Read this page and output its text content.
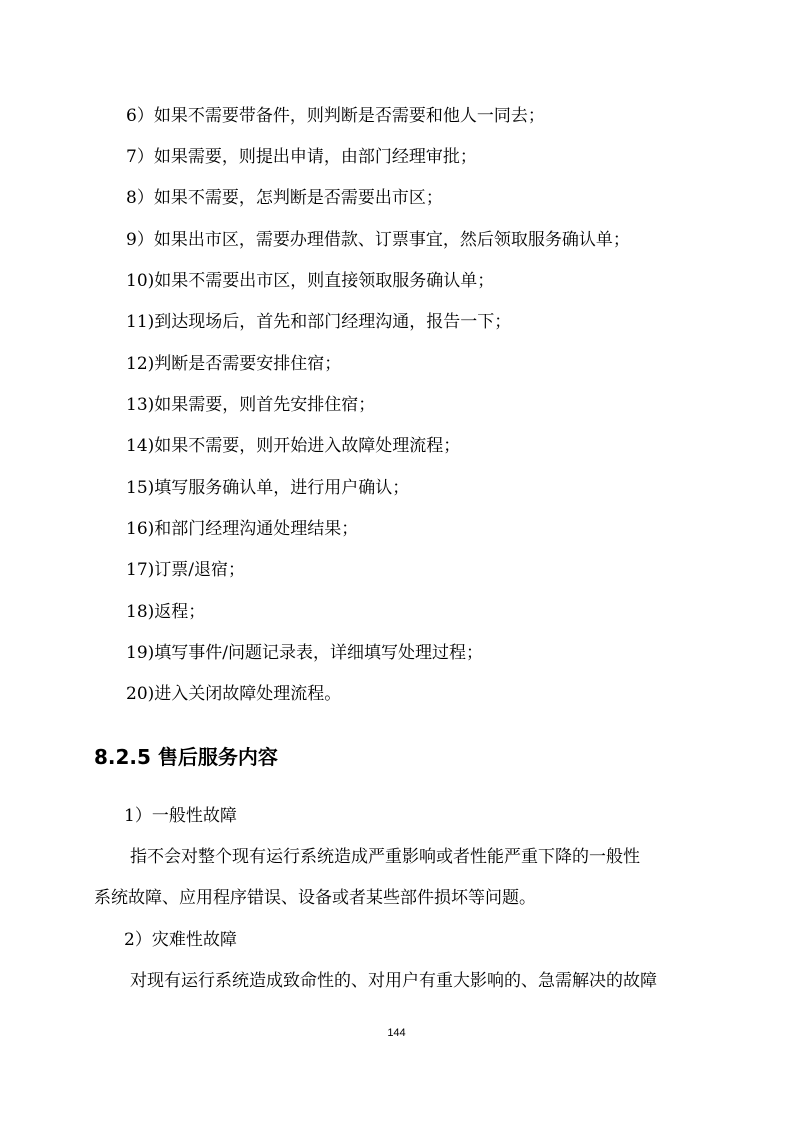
6）如果不需要带备件，则判断是否需要和他人一同去；
7）如果需要，则提出申请，由部门经理审批；
8）如果不需要，怎判断是否需要出市区；
9）如果出市区，需要办理借款、订票事宜，然后领取服务确认单；
10)如果不需要出市区，则直接领取服务确认单；
11)到达现场后，首先和部门经理沟通，报告一下；
12)判断是否需要安排住宿；
13)如果需要，则首先安排住宿；
14)如果不需要，则开始进入故障处理流程；
15)填写服务确认单，进行用户确认；
16)和部门经理沟通处理结果；
17)订票/退宿；
18)返程；
19)填写事件/问题记录表，详细填写处理过程；
20)进入关闭故障处理流程。
8.2.5 售后服务内容
1）一般性故障
指不会对整个现有运行系统造成严重影响或者性能严重下降的一般性
系统故障、应用程序错误、设备或者某些部件损坏等问题。
2）灾难性故障
对现有运行系统造成致命性的、对用户有重大影响的、急需解决的故障
144
